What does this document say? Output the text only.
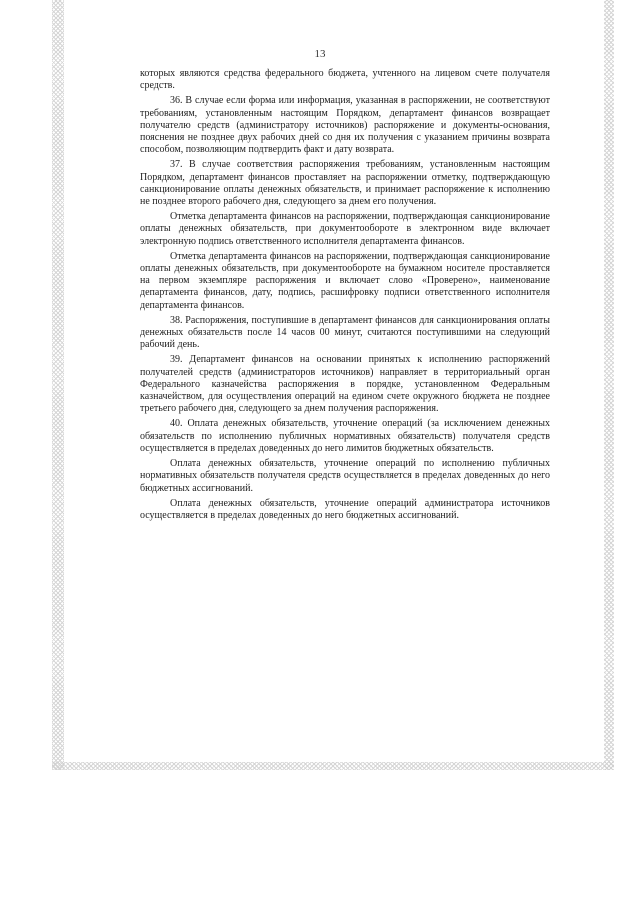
13

которых являются средства федерального бюджета, учтенного на лицевом счете получателя средств.

36. В случае если форма или информация, указанная в распоряжении, не соответствуют требованиям, установленным настоящим Порядком, департамент финансов возвращает получателю средств (администратору источников) распоряжение и документы-основания, пояснения не позднее двух рабочих дней со дня их получения с указанием причины возврата способом, позволяющим подтвердить факт и дату возврата.

37. В случае соответствия распоряжения требованиям, установленным настоящим Порядком, департамент финансов проставляет на распоряжении отметку, подтверждающую санкционирование оплаты денежных обязательств, и принимает распоряжение к исполнению не позднее второго рабочего дня, следующего за днем его получения.

Отметка департамента финансов на распоряжении, подтверждающая санкционирование оплаты денежных обязательств, при документообороте в электронном виде включает электронную подпись ответственного исполнителя департамента финансов.

Отметка департамента финансов на распоряжении, подтверждающая санкционирование оплаты денежных обязательств, при документообороте на бумажном носителе проставляется на первом экземпляре распоряжения и включает слово «Проверено», наименование департамента финансов, дату, подпись, расшифровку подписи ответственного исполнителя департамента финансов.

38. Распоряжения, поступившие в департамент финансов для санкционирования оплаты денежных обязательств после 14 часов 00 минут, считаются поступившими на следующий рабочий день.

39. Департамент финансов на основании принятых к исполнению распоряжений получателей средств (администраторов источников) направляет в территориальный орган Федерального казначейства распоряжения в порядке, установленном Федеральным казначейством, для осуществления операций на едином счете окружного бюджета не позднее третьего рабочего дня, следующего за днем получения распоряжения.

40. Оплата денежных обязательств, уточнение операций (за исключением денежных обязательств по исполнению публичных нормативных обязательств) получателя средств осуществляется в пределах доведенных до него лимитов бюджетных обязательств.

Оплата денежных обязательств, уточнение операций по исполнению публичных нормативных обязательств получателя средств осуществляется в пределах доведенных до него бюджетных ассигнований.

Оплата денежных обязательств, уточнение операций администратора источников осуществляется в пределах доведенных до него бюджетных ассигнований.
